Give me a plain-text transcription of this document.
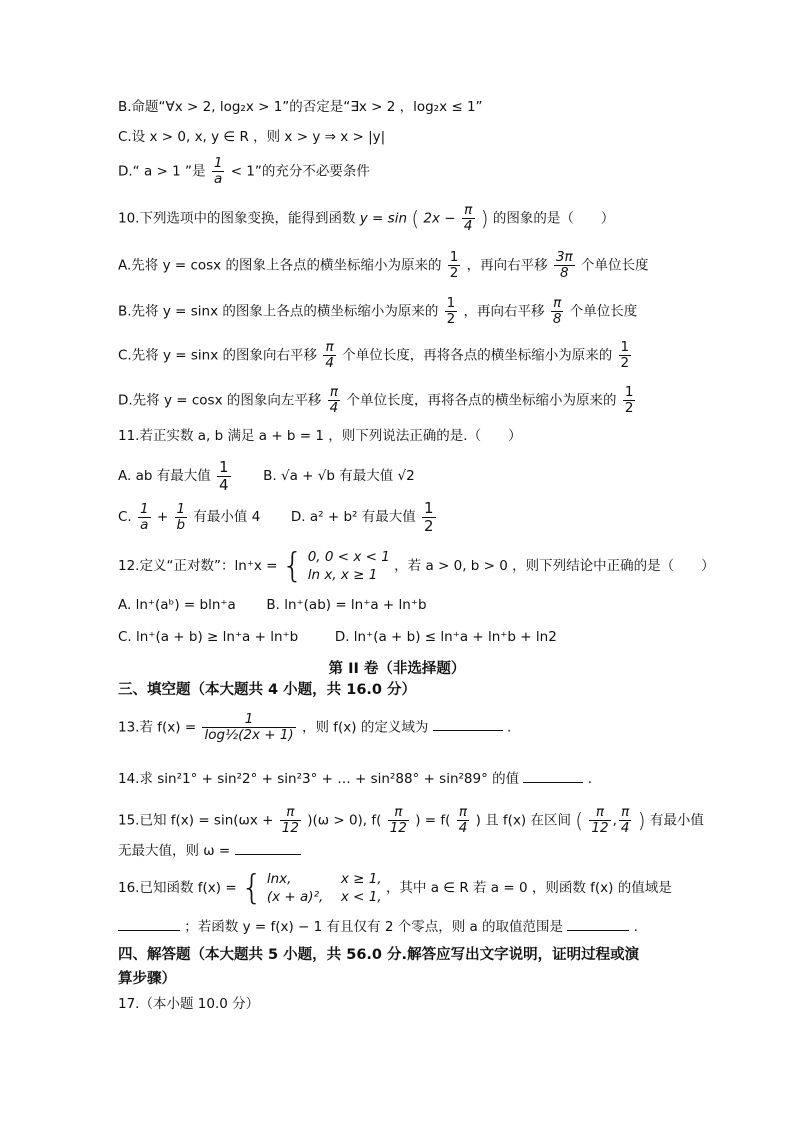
B.命题“∀x > 2, log₂x > 1”的否定是“∃x > 2 ，log₂x ≤ 1”
C.设 x > 0, x, y ∈ R ，则 x > y ⇒ x > |y|
D.“ a > 1 ”是 $\frac{1}{a} < 1$”的充分不必要条件
10.下列选项中的图象变换，能得到函数 y = sin ( $2x - \frac{\pi}{4}$ ) 的图象的是（　　）
A.先将 y = cosx 的图象上各点的横坐标缩小为原来的 $\frac{1}{2}$ ，再向右平移 $\frac{3\pi}{8}$ 个单位长度
B.先将 y = sinx 的图象上各点的横坐标缩小为原来的 $\frac{1}{2}$ ，再向右平移 $\frac{\pi}{8}$ 个单位长度
C.先将 y = sinx 的图象向右平移 $\frac{\pi}{4}$ 个单位长度，再将各点的横坐标缩小为原来的 $\frac{1}{2}$
D.先将 y = cosx 的图象向左平移 $\frac{\pi}{4}$ 个单位长度，再将各点的横坐标缩小为原来的 $\frac{1}{2}$
11.若正实数 a, b 满足 a + b = 1 ，则下列说法正确的是.（　　）
A. ab 有最大值 $\frac{1}{4} B$. √a + √b 有最大值 √2
C. $\frac{1}{a} + \frac{1}{b}$ 有最小值 4 D. a² + b² 有最大值 $\frac{1}{2}$
12.定义“正对数”：ln⁺x = { 0, 0 < x < 1
ln x, x ≥ 1
，若 a > 0, b > 0 ，则下列结论中正确的是（　　）
A. ln⁺(aᵇ) = bln⁺a B. ln⁺(ab) = ln⁺a + ln⁺b
C. ln⁺(a + b) ≥ ln⁺a + ln⁺b	D. ln⁺(a + b) ≤ ln⁺a + ln⁺b + ln2
第 II 卷（非选择题）
三、填空题（本大题共 4 小题，共 16.0 分）
13.若 $f(x) = \frac{1}{\text{log½(2x + 1)}}$ ，则 f(x) 的定义域为	.
14.求 sin²1° + sin²2° + sin²3° + … + sin²88° + sin²89° 的值	.
15.已知 $f(x) = \sin(\omega x + \frac{\pi}{12} )(\omega > 0)$, $f( \frac{\pi}{12}$ ) = $f( \frac{\pi}{4}$ ) 且 f(x) 在区间 ( $\frac{\pi}{12}$ , $\frac{\pi}{4}$ ) 有最小值
无最大值，则 ω =
16.已知函数 f(x) = { lnx,	x ≥ 1,
(x + a)², x < 1,
，其中 a ∈ R 若 a = 0 ，则函数 f(x) 的值域是
；若函数 y = f(x) − 1 有且仅有 2 个零点，则 a 的取值范围是	.
四、解答题（本大题共 5 小题，共 56.0 分.解答应写出文字说明，证明过程或演
算步骤）
17.（本小题 10.0 分）
